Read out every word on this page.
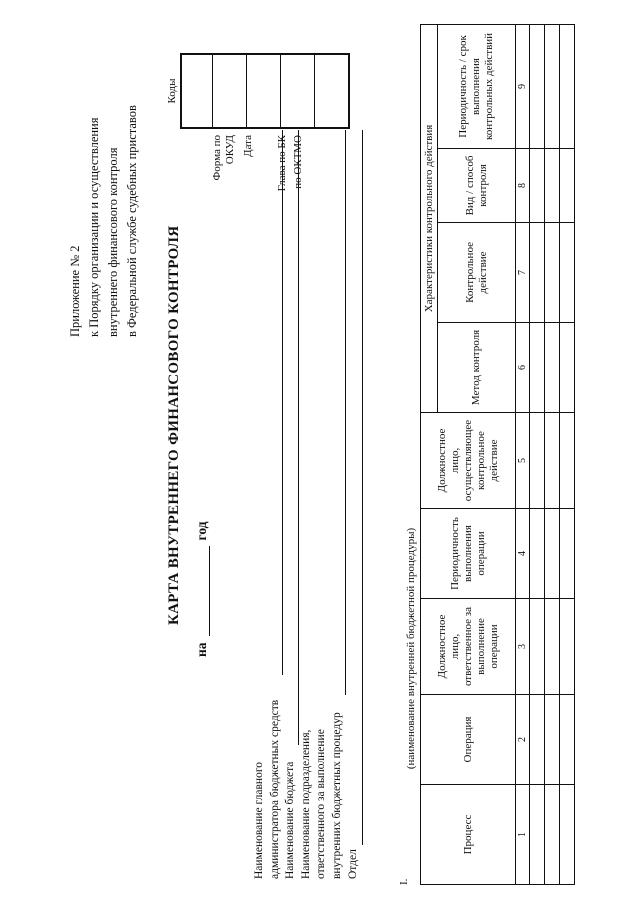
Приложение № 2 к Порядку организации и осуществления внутреннего финансового контроля в Федеральной службе судебных приставов
КАРТА ВНУТРЕННЕГО ФИНАНСОВОГО КОНТРОЛЯ
нагод
Наименование главного администратора бюджетных средств Наименование бюджета Наименование подразделения, ответственного за выполнение внутренних бюджетных процедур Отдел
Форма по ОКУД Дата Глава по БК по ОКТМО
Коды
I.
(наименование внутренней бюджетной процедуры)								
Процесс	Операция	Должностное лицо, ответственное за выполнение операции	Периодичность выполнения операции	Должностное лицо, осуществляющее контрольное действие	Характеристики контрольного действия			
					Метод контроля	Контрольное действие	Вид / способ контроля	Периодичность / срок выполнения контрольных действий
1	2	3	4	5	6	7	8	9
